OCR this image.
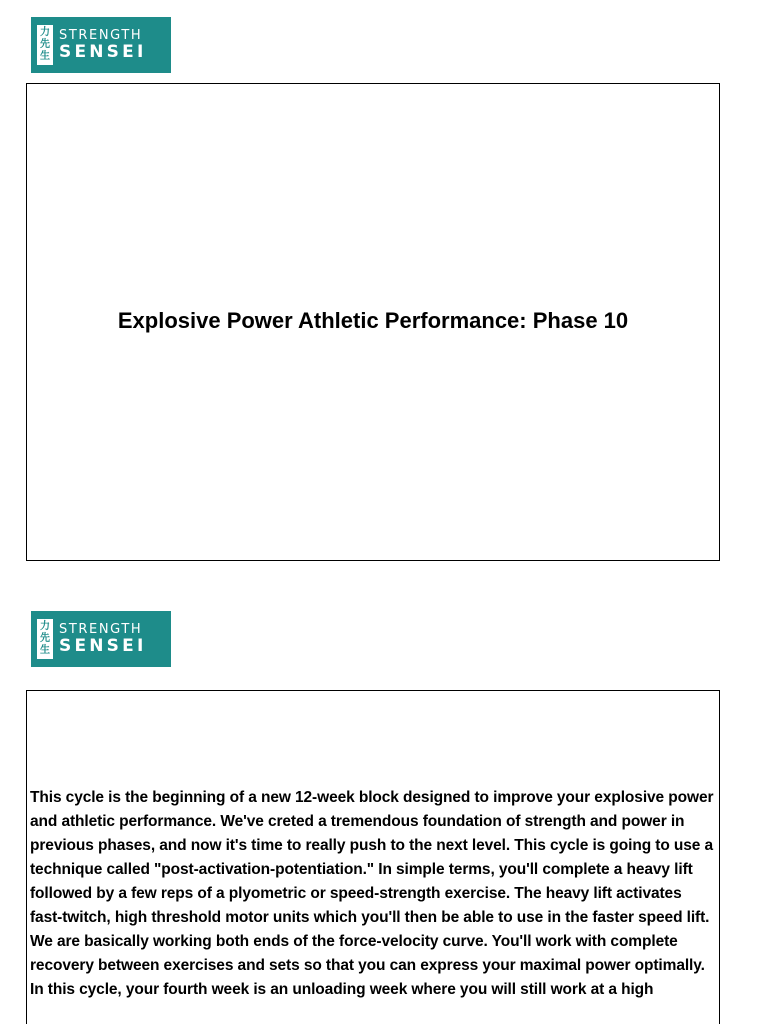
力
先
生
STRENGTH
SENSEI
Explosive Power Athletic Performance: Phase 10
力
先
生
STRENGTH
SENSEI
This cycle is the beginning of a new 12-week block designed to improve your explosive power and athletic performance. We've creted a tremendous foundation of strength and power in previous phases, and now it's time to really push to the next level. This cycle is going to use a technique called "post-activation-potentiation." In simple terms, you'll complete a heavy lift followed by a few reps of a plyometric or speed-strength exercise. The heavy lift activates fast-twitch, high threshold motor units which you'll then be able to use in the faster speed lift. We are basically working both ends of the force-velocity curve. You'll work with complete recovery between exercises and sets so that you can express your maximal power optimally. In this cycle, your fourth week is an unloading week where you will still work at a high
